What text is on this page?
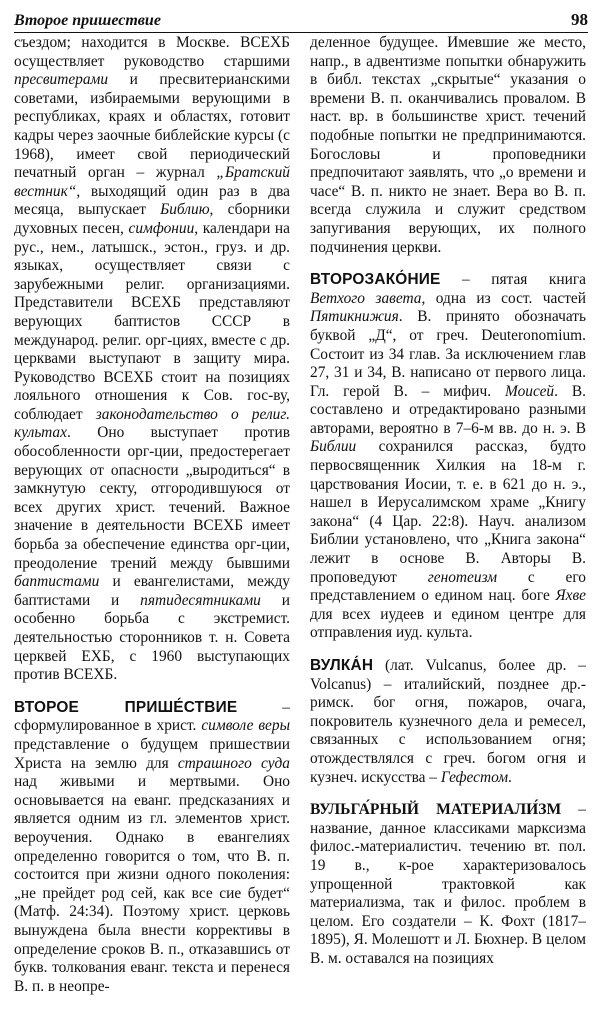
Второе пришествие	98

съездом; находится в Москве. ВСЕХБ осуществляет руководство старшими пресвитерами и пресвитерианскими советами, избираемыми верующими в республиках, краях и областях, готовит кадры через заочные библейские курсы (с 1968), имеет свой периодический печатный орган – журнал „Братский вестник“, выходящий один раз в два месяца, выпускает Библию, сборники духовных песен, симфонии, календари на рус., нем., латышск., эстон., груз. и др. языках, осуществляет связи с зарубежными религ. организациями. Представители ВСЕХБ представляют верующих баптистов СССР в международ. религ. орг-циях, вместе с др. церквами выступают в защиту мира. Руководство ВСЕХБ стоит на позициях лояльного отношения к Сов. гос-ву, соблюдает законодательство о религ. культах. Оно выступает против обособленности орг-ции, предостерегает верующих от опасности „выродиться“ в замкнутую секту, отгородившуюся от всех других христ. течений. Важное значение в деятельности ВСЕХБ имеет борьба за обеспечение единства орг-ции, преодоление трений между бывшими баптистами и евангелистами, между баптистами и пятидесятниками и особенно борьба с экстремист. деятельностью сторонников т. н. Совета церквей ЕХБ, с 1960 выступающих против ВСЕХБ.

ВТОРОЕ ПРИШЕ́СТВИЕ – сформулированное в христ. символе веры представление о будущем пришествии Христа на землю для страшного суда над живыми и мертвыми. Оно основывается на еванг. предсказаниях и является одним из гл. элементов христ. вероучения. Однако в евангелиях определенно говорится о том, что В. п. состоится при жизни одного поколения: „не прейдет род сей, как все сие будет“ (Матф. 24:34). Поэтому христ. церковь вынуждена была внести коррективы в определение сроков В. п., отказавшись от букв. толкования еванг. текста и перенеся В. п. в неопре-

деленное будущее. Имевшие же место, напр., в адвентизме попытки обнаружить в библ. текстах „скрытые“ указания о времени В. п. оканчивались провалом. В наст. вр. в большинстве христ. течений подобные попытки не предпринимаются. Богословы и проповедники предпочитают заявлять, что „о времени и часе“ В. п. никто не знает. Вера во В. п. всегда служила и служит средством запугивания верующих, их полного подчинения церкви.

ВТОРОЗАКО́НИЕ – пятая книга Ветхого завета, одна из сост. частей Пятикнижия. В. принято обозначать буквой „Д“, от греч. Deuteronomium. Состоит из 34 глав. За исключением глав 27, 31 и 34, В. написано от первого лица. Гл. герой В. – мифич. Моисей. В. составлено и отредактировано разными авторами, вероятно в 7–6-м вв. до н. э. В Библии сохранился рассказ, будто первосвященник Хилкия на 18-м г. царствования Иосии, т. е. в 621 до н. э., нашел в Иерусалимском храме „Книгу закона“ (4 Цар. 22:8). Науч. анализом Библии установлено, что „Книга закона“ лежит в основе В. Авторы В. проповедуют генотеизм с его представлением о едином нац. боге Яхве для всех иудеев и едином центре для отправления иуд. культа.

ВУЛКА́Н (лат. Vulcanus, более др. – Volcanus) – италийский, позднее др.-римск. бог огня, пожаров, очага, покровитель кузнечного дела и ремесел, связанных с использованием огня; отождествлялся с греч. богом огня и кузнеч. искусства – Гефестом.

ВУЛЬГА́РНЫЙ МАТЕРИАЛИ́ЗМ – название, данное классиками марксизма филос.-материалистич. течению вт. пол. 19 в., к-рое характеризовалось упрощенной трактовкой как материализма, так и филос. проблем в целом. Его создатели – К. Фохт (1817–1895), Я. Молешотт и Л. Бюхнер. В целом В. м. оставался на позициях
